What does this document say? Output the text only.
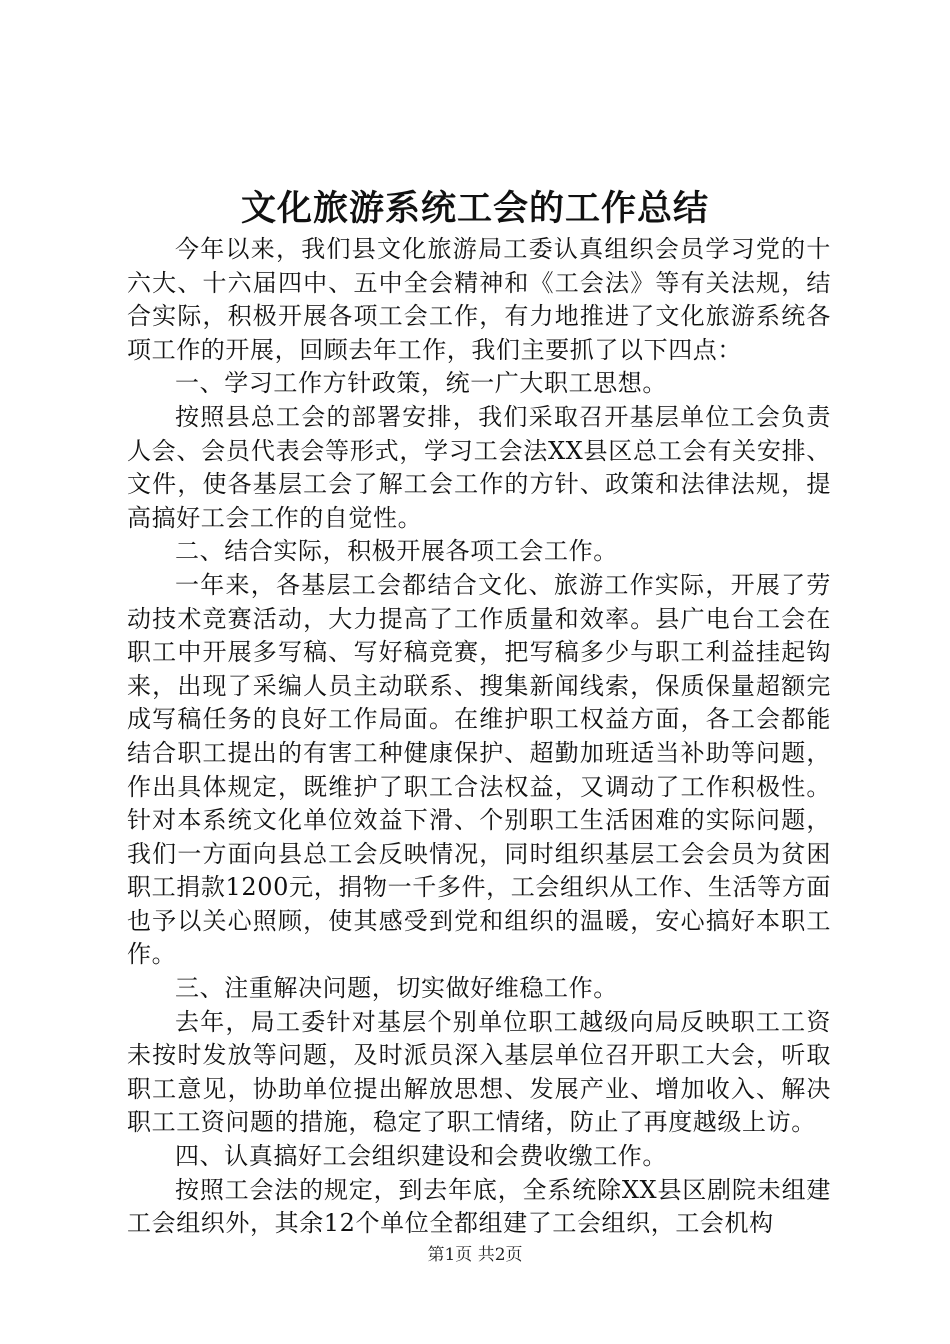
文化旅游系统工会的工作总结

今年以来，我们县文化旅游局工委认真组织会员学习党的十六大、十六届四中、五中全会精神和《工会法》等有关法规，结合实际，积极开展各项工会工作，有力地推进了文化旅游系统各项工作的开展，回顾去年工作，我们主要抓了以下四点：

一、学习工作方针政策，统一广大职工思想。

按照县总工会的部署安排，我们采取召开基层单位工会负责人会、会员代表会等形式，学习工会法XX县区总工会有关安排、文件，使各基层工会了解工会工作的方针、政策和法律法规，提高搞好工会工作的自觉性。

二、结合实际，积极开展各项工会工作。

一年来，各基层工会都结合文化、旅游工作实际，开展了劳动技术竞赛活动，大力提高了工作质量和效率。县广电台工会在职工中开展多写稿、写好稿竞赛，把写稿多少与职工利益挂起钩来，出现了采编人员主动联系、搜集新闻线索，保质保量超额完成写稿任务的良好工作局面。在维护职工权益方面，各工会都能结合职工提出的有害工种健康保护、超勤加班适当补助等问题，作出具体规定，既维护了职工合法权益，又调动了工作积极性。针对本系统文化单位效益下滑、个别职工生活困难的实际问题，我们一方面向县总工会反映情况，同时组织基层工会会员为贫困职工捐款1200元，捐物一千多件，工会组织从工作、生活等方面也予以关心照顾，使其感受到党和组织的温暖，安心搞好本职工作。

三、注重解决问题，切实做好维稳工作。

去年，局工委针对基层个别单位职工越级向局反映职工工资未按时发放等问题，及时派员深入基层单位召开职工大会，听取职工意见，协助单位提出解放思想、发展产业、增加收入、解决职工工资问题的措施，稳定了职工情绪，防止了再度越级上访。

四、认真搞好工会组织建设和会费收缴工作。

按照工会法的规定，到去年底，全系统除XX县区剧院未组建工会组织外，其余12个单位全都组建了工会组织，工会机构

第1页 共2页
